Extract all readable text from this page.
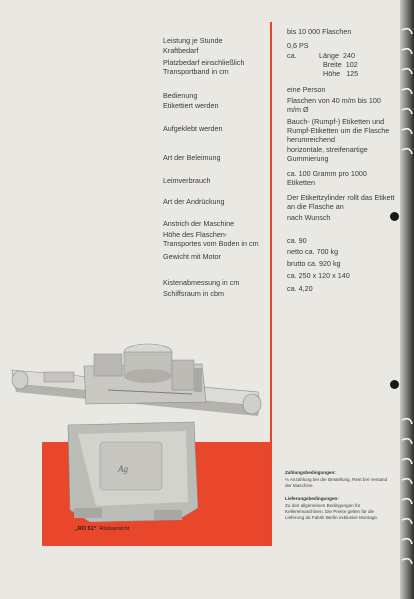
Leistung je Stunde
Kraftbedarf
Platzbedarf einschließlich Transportband in cm
Bedienung
Etikettiert werden
Aufgeklebt werden
Art der Beleimung
Leimverbrauch
Art der Andrückung
Anstrich der Maschine
Höhe des Flaschen-Transportes vom Boden in cm
Gewicht mit Motor
Kistenabmessung in cm
Schiffsraum in cbm
bis 10 000 Flaschen
0,6 PS
ca.	Länge 240
Breite 102
Höhe 125
eine Person
Flaschen von 40 m/m bis 100 m/m Ø
Bauch- (Rumpf-) Etiketten und Rumpf-Etiketten um die Flasche herumreichend
horizontale, streifenartige Gummierung
ca. 100 Gramm pro 1000 Etiketten
Der Etikettzylinder rollt das Etikett an die Flasche an
nach Wunsch
ca. 90
netto ca. 700 kg
brutto ca. 920 kg
ca. 250 x 120 x 140
ca. 4,20
Ag
„RO 51“ Rückansicht
Zahlungsbedingungen:
⅓ Anzahlung bei der Bestellung, Rest bei Versand der Maschine.
Lieferungsbedingungen:
Zu den allgemeinen Bedingungen für Kellereimaschinen. Die Preise gelten für die Lieferung ab Fabrik Berlin exklusive Montage.
